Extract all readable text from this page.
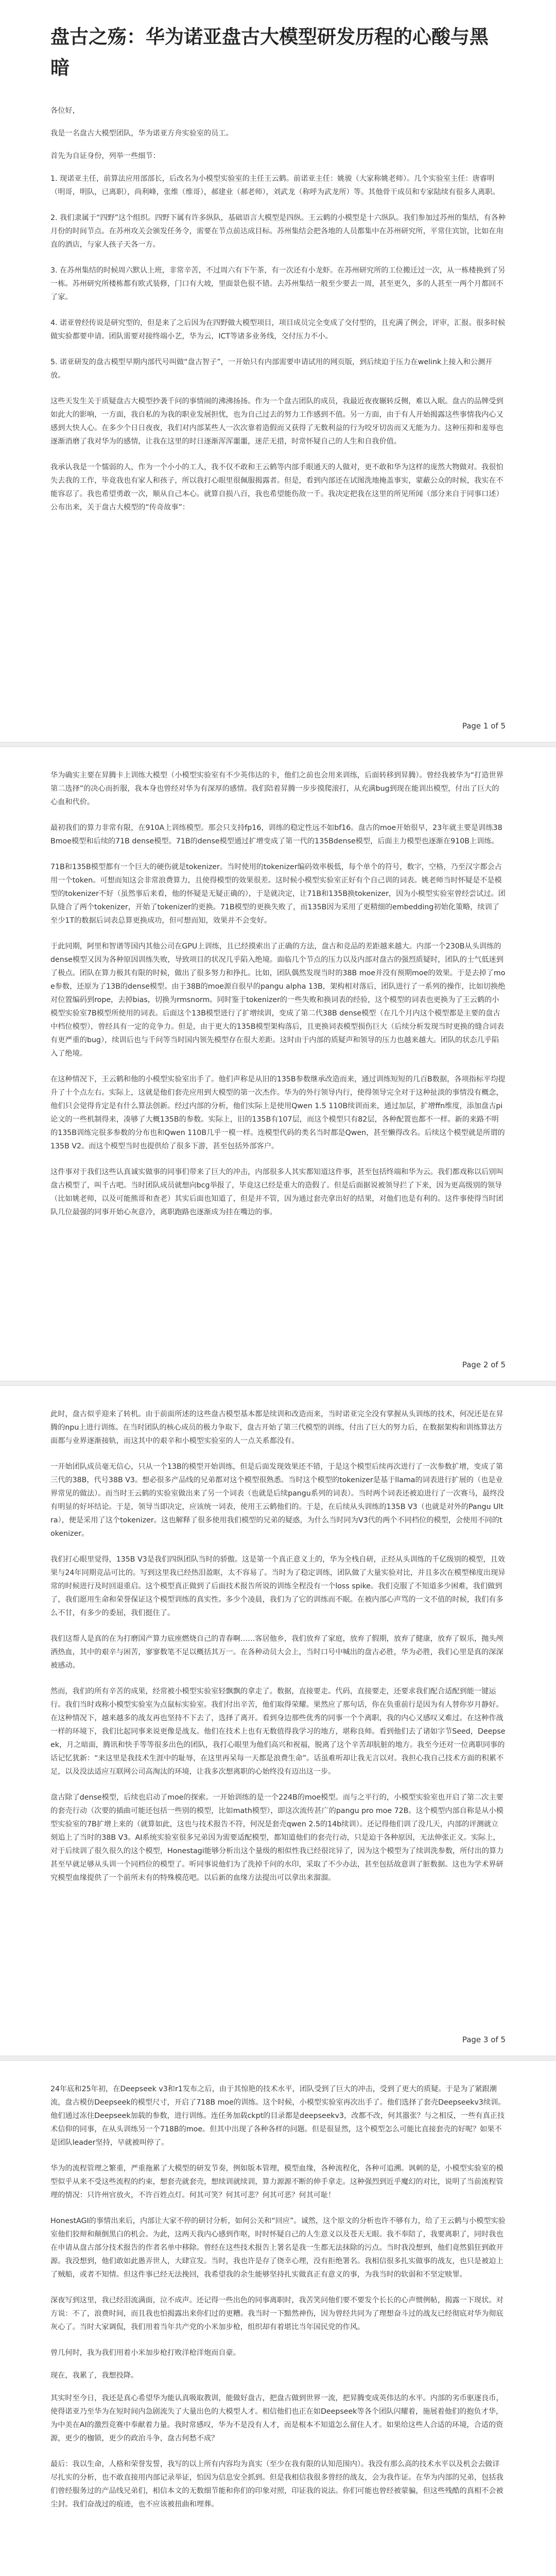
盘古之殇：华为诺亚盘古大模型研发历程的心酸与黑暗

各位好，

我是一名盘古大模型团队，华为诺亚方舟实验室的员工。

首先为自证身份，列举一些细节：

1. 现诺亚主任，前算法应用部部长，后改名为小模型实验室的主任王云鹤。前诺亚主任：姚骏（大家称姚老师）。几个实验室主任：唐睿明（明哥，明队，已离职），尚利峰，张维（维哥），郝建业（郝老师），刘武龙（称呼为武龙所）等。其他骨干成员和专家陆续有很多人离职。

2. 我们隶属于“四野”这个组织。四野下属有许多纵队，基础语言大模型是四纵。王云鹤的小模型是十六纵队。我们参加过苏州的集结，有各种月份的时间节点。在苏州攻关会颁发任务令，需要在节点前达成目标。苏州集结会把各地的人员都集中在苏州研究所，平常住宾馆，比如在甪直的酒店，与家人孩子天各一方。

3. 在苏州集结的时候周六默认上班，非常辛苦，不过周六有下午茶，有一次还有小龙虾。在苏州研究所的工位搬迁过一次，从一栋楼换到了另一栋。苏州研究所楼栋都有欧式装修，门口有大坡，里面景色很不错。去苏州集结一般至少要去一周，甚至更久，多的人甚至一两个月都回不了家。

4. 诺亚曾经传说是研究型的，但是来了之后因为在四野做大模型项目，项目成员完全变成了交付型的，且充满了例会，评审，汇报。很多时候做实验都要申请。团队需要对接终端小艺，华为云，ICT等诸多业务线，交付压力不小。

5. 诺亚研发的盘古模型早期内部代号叫做“盘古智子”，一开始只有内部需要申请试用的网页版，到后续迫于压力在welink上接入和公测开放。

这些天发生关于质疑盘古大模型抄袭千问的事情闹的沸沸扬扬。作为一个盘古团队的成员，我最近夜夜辗转反侧，难以入眠。盘古的品牌受到如此大的影响，一方面，我自私的为我的职业发展担忧，也为自己过去的努力工作感到不值。另一方面，由于有人开始揭露这些事情我内心又感到大快人心。在多少个日日夜夜，我们对内部某些人一次次靠着造假而又获得了无数利益的行为咬牙切齿而又无能为力。这种压抑和羞辱也逐渐消磨了我对华为的感情，让我在这里的时日逐渐浑浑噩噩，迷茫无措，时常怀疑自己的人生和自我价值。

我承认我是一个懦弱的人，作为一个小小的工人，我不仅不敢和王云鹤等内部手眼通天的人做对，更不敢和华为这样的庞然大物做对。我很怕失去我的工作，毕竟我也有家人和孩子，所以我打心眼里很佩服揭露者。但是，看到内部还在试图洗地掩盖事实，蒙蔽公众的时候，我实在不能容忍了。我也希望勇敢一次，顺从自己本心。就算自损八百，我也希望能伤敌一千。我决定把我在这里的所见所闻（部分来自于同事口述）公布出来，关于盘古大模型的“传奇故事”：

Page 1 of 5

华为确实主要在昇腾卡上训练大模型（小模型实验室有不少英伟达的卡，他们之前也会用来训练，后面转移到昇腾）。曾经我被华为“打造世界第二选择”的决心而折服，我本身也曾经对华为有深厚的感情。我们陪着昇腾一步步摸爬滚打，从充满bug到现在能训出模型，付出了巨大的心血和代价。

最初我们的算力非常有限，在910A上训练模型。那会只支持fp16，训练的稳定性远不如bf16。盘古的moe开始很早，23年就主要是训练38Bmoe模型和后续的71B dense模型。71B的dense模型通过扩增变成了第一代的135Bdense模型，后面主力模型也逐渐在910B上训练。

71B和135B模型都有一个巨大的硬伤就是tokenizer。当时使用的tokenizer编码效率极低，每个单个的符号，数字，空格，乃至汉字都会占用一个token。可想而知这会非常浪费算力，且使得模型的效果很差。这时候小模型实验室正好有个自己训的词表。姚老师当时怀疑是不是模型的tokenizer不好（虽然事后来看，他的怀疑是无疑正确的），于是就决定，让71B和135B换tokenizer，因为小模型实验室曾经尝试过。团队缝合了两个tokenizer，开始了tokenizer的更换。71B模型的更换失败了，而135B因为采用了更精细的embedding初始化策略，续训了至少1T的数据后词表总算更换成功，但可想而知，效果并不会变好。

于此同期，阿里和智谱等国内其他公司在GPU上训练，且已经摸索出了正确的方法，盘古和竞品的差距越来越大。内部一个230B从头训练的dense模型又因为各种原因训练失败，导致项目的状况几乎陷入绝境。面临几个节点的压力以及内部对盘古的强烈质疑时，团队的士气低迷到了极点。团队在算力极其有限的时候，做出了很多努力和挣扎。比如，团队偶然发现当时的38B moe并没有预期moe的效果。于是去掉了moe参数，还原为了13B的dense模型。由于38B的moe源自很早的pangu alpha 13B，架构相对落后，团队进行了一系列的操作，比如切换绝对位置编码到rope，去掉bias，切换为rmsnorm。同时鉴于tokenizer的一些失败和换词表的经验，这个模型的词表也更换为了王云鹤的小模型实验室7B模型所使用的词表。后面这个13B模型进行了扩增续训，变成了第二代38B dense模型（在几个月内这个模型都是主要的盘古中档位模型），曾经具有一定的竞争力。但是，由于更大的135B模型架构落后，且更换词表模型损伤巨大（后续分析发现当时更换的缝合词表有更严重的bug），续训后也与千问等当时国内领先模型存在很大差距。这时由于内部的质疑声和领导的压力也越来越大。团队的状态几乎陷入了绝境。

在这种情况下，王云鹤和他的小模型实验室出手了。他们声称是从旧的135B参数继承改造而来，通过训练短短的几百B数据，各项指标平均提升了十个点左右。实际上，这就是他们套壳应用到大模型的第一次杰作。华为的外行领导内行，使得领导完全对于这种扯淡的事情没有概念，他们只会觉得肯定是有什么算法创新。经过内部的分析，他们实际上是使用Qwen 1.5 110B续训而来，通过加层，扩增ffn维度，添加盘古pi论文的一些机制得来，凑够了大概135B的参数。实际上，旧的135B有107层，而这个模型只有82层，各种配置也都不一样。新的来路不明的135B训练完很多参数的分布也和Qwen 110B几乎一模一样。连模型代码的类名当时都是Qwen，甚至懒得改名。后续这个模型就是所谓的135B V2。而这个模型当时也提供给了很多下游，甚至包括外部客户。

这件事对于我们这些认真诚实做事的同事们带来了巨大的冲击，内部很多人其实都知道这件事，甚至包括终端和华为云。我们都戏称以后别叫盘古模型了，叫千古吧。当时团队成员就想向bcg举报了，毕竟这已经是重大的造假了。但是后面据说被领导拦了下来，因为更高级别的领导（比如姚老师，以及可能熊哥和查老）其实后面也知道了，但是并不管，因为通过套壳拿出好的结果，对他们也是有利的。这件事使得当时团队几位最强的同事开始心灰意冷，离职跑路也逐渐成为挂在嘴边的事。

Page 2 of 5

此时，盘古似乎迎来了转机。由于前面所述的这些盘古模型基本都是续训和改造而来，当时诺亚完全没有掌握从头训练的技术，何况还是在昇腾的npu上进行训练。在当时团队的核心成员的极力争取下，盘古开始了第三代模型的训练，付出了巨大的努力后，在数据架构和训练算法方面都与业界逐渐接轨，而这其中的艰辛和小模型实验室的人一点关系都没有。

一开始团队成员毫无信心，只从一个13B的模型开始训练，但是后面发现效果还不错，于是这个模型后续再次进行了一次参数扩增，变成了第三代的38B，代号38B V3。想必很多产品线的兄弟都对这个模型很熟悉。当时这个模型的tokenizer是基于llama的词表进行扩展的（也是业界常见的做法）。而当时王云鹤的实验室做出来了另一个词表（也就是后续pangu系列的词表）。当时两个词表还被迫进行了一次赛马，最终没有明显的好坏结论。于是，领导当即决定，应该统一词表，使用王云鹤他们的。于是，在后续从头训练的135B V3（也就是对外的Pangu Ultra），便是采用了这个tokenizer。这也解释了很多使用我们模型的兄弟的疑惑，为什么当时同为V3代的两个不同档位的模型，会使用不同的tokenizer。

我们打心眼里觉得，135B V3是我们四纵团队当时的骄傲。这是第一个真正意义上的，华为全栈自研，正经从头训练的千亿级别的模型，且效果与24年同期竞品可比的。写到这里我已经热泪盈眶，太不容易了。当时为了稳定训练，团队做了大量实验对比，并且多次在模型梯度出现异常的时候进行及时回退重启。这个模型真正做到了后面技术报告所说的训练全程没有一个loss spike。我们克服了不知道多少困难，我们做到了，我们愿用生命和荣誉保证这个模型训练的真实性。多少个凌晨，我们为了它的训练而不眠。在被内部心声骂的一文不值的时候，我们有多么不甘，有多少的委屈，我们挺住了。

我们这帮人是真的在为打磨国产算力底座燃烧自己的青春啊……客居他乡，我们放弃了家庭，放弃了假期，放弃了健康，放弃了娱乐，抛头颅洒热血，其中的艰辛与困苦，寥寥数笔不足以概括其万一。在各种动员大会上，当时口号中喊出的盘古必胜，华为必胜，我们心里是真的深深被感动。

然而，我们的所有辛苦的成果，经常被小模型实验室轻飘飘的拿走了。数据，直接要走。代码，直接要走，还要求我们配合适配到能一键运行。我们当时戏称小模型实验室为点鼠标实验室。我们付出辛苦，他们取得荣耀。果然应了那句话，你在负重前行是因为有人替你岁月静好。在这种情况下，越来越多的战友再也坚持不下去了，选择了离开。看到身边那些优秀的同事一个个离职，我的内心又感叹又难过。在这种作战一样的环境下，我们比起同事来说更像是战友。他们在技术上也有无数值得我学习的地方，堪称良师。看到他们去了诸如字节Seed，Deepseek，月之暗面，腾讯和快手等等很多出色的团队，我打心眼里为他们高兴和祝福，脱离了这个辛苦却肮脏的地方。我至今还对一位离职同事的话记忆犹新：“来这里是我技术生涯中的耻辱，在这里再呆每一天都是浪费生命”。话虽难听却让我无言以对。我担心我自己技术方面的积累不足，以及没法适应互联网公司高淘汰的环境，让我多次想离职的心始终没有迈出这一步。

盘古除了dense模型，后续也启动了moe的探索。一开始训练的是一个224B的moe模型。而与之平行的，小模型实验室也开启了第二次主要的套壳行动（次要的插曲可能还包括一些别的模型，比如math模型），即这次流传甚广的pangu pro moe 72B。这个模型内部自称是从小模型实验室的7B扩增上来的（就算如此，这也与技术报告不符，何况是套壳qwen 2.5的14b续训）。还记得他们训了没几天，内部的评测就立刻追上了当时的38B V3。AI系统实验室很多兄弟因为需要适配模型，都知道他们的套壳行动，只是迫于各种原因，无法伸张正义。实际上，对于后续训了很久很久的这个模型，Honestagi能够分析出这个量级的相似性我已经很诧异了，因为这个模型为了续训洗参数，所付出的算力甚至早就足够从头训一个同档位的模型了。听同事说他们为了洗掉千问的水印，采取了不少办法，甚至包括故意训了脏数据。这也为学术界研究模型血缘提供了一个前所未有的特殊模范吧。以后新的血缘方法提出可以拿出来溜溜。

Page 3 of 5

24年底和25年初，在Deepseek v3和r1发布之后，由于其惊艳的技术水平，团队受到了巨大的冲击，受到了更大的质疑。于是为了紧跟潮流，盘古模仿Deepseek的模型尺寸，开启了718B moe的训练。这个时候，小模型实验室再次出手了。他们选择了套壳Deepseekv3续训。他们通过冻住Deepseek加载的参数，进行训练。连任务加载ckpt的目录都是deepseekv3，改都不改，何其嚣张？与之相反，一些有真正技术信仰的同事，在从头训练另一个718B的moe。但其中出现了各种各样的问题。但是很显然，这个模型怎么可能比直接套壳的好呢？如果不是团队leader坚持，早就被叫停了。

华为的流程管理之繁重，严重拖累了大模型的研发节奏，例如版本管理，模型血缘，各种流程化，各种可追溯。讽刺的是，小模型实验室的模型似乎从来不受这些流程的约束，想套壳就套壳，想续训就续训，算力源源不断的伸手拿走。这种强烈到近乎魔幻的对比，说明了当前流程管理的情况：只许州官放火，不许百姓点灯。何其可笑？何其可悲？何其可恶？何其可耻！

HonestAGI的事情出来后，内部让大家不停的研讨分析，如何公关和“回应”。诚然，这个原文的分析也许不够有力，给了王云鹤与小模型实验室他们狡辩和颠倒黑白的机会。为此，这两天我内心感到作呕，时时怀疑自己的人生意义以及苍天无眼。我不奉陪了，我要离职了，同时我也在申请从盘古部分技术报告的作者名单中移除。曾经在这些技术报告上署名是我一生都无法抹除的污点。当时我没想到，他们竟然猖狂到敢开源。我没想到，他们敢如此愚弄世人，大肆宣发。当时，我也许是存了侥幸心理，没有拒绝署名。我相信很多扎实做事的战友，也只是被迫上了贼船，或者不知情。但这件事已经无法挽回，我希望我的余生能够坚持扎实做真正有意义的事，为我当时的软弱和不坚定赎罪。

深夜写到这里，我已经泪流满面，泣不成声。还记得一些出色的同事离职时，我苦笑问他们要不要发个长长的心声惯例帖，揭露一下现状。对方说：不了，浪费时间，而且我也怕揭露出来你们过的更糟。我当时一下黯然神伤，因为曾经共同为了理想奋斗过的战友已经彻底对华为彻底灰心了。当时大家调侃，我们用着当年共产党的小米加步枪，组织却有着堪比当年国民党的作风。

曾几何时，我为我们用着小米加步枪打败洋枪洋炮而自豪。

现在，我累了，我想投降。

其实时至今日，我还是真心希望华为能认真吸取教训，能做好盘古，把盘古做到世界一流，把昇腾变成英伟达的水平。内部的劣币驱逐良币，使得诺亚乃至华为在短时间内急剧流失了大量出色的大模型人才。相信他们也正在如Deepseek等各个团队闪耀着，施展着他们的抱负才华，为中美在AI的激烈竞赛中奉献着力量。我时常感叹，华为不是没有人才，而是根本不知道怎么留住人才。如果给这些人合适的环境，合适的资源，更少的枷锁，更少的政治斗争，盘古何愁不成？

最后：我以生命，人格和荣誉发誓，我写的以上所有内容均为真实（至少在我有限的认知范围内）。我没有那么高的技术水平以及机会去做详尽扎实的分析，也不敢直接用内部记录举证，怕因为信息安全抓到。但是我相信我很多曾经的战友，会为我作证。在华为内部的兄弟，包括我们曾经服务过的产品线兄弟们，相信本文的无数细节能和你们的印象对照，印证我的说法。你们可能也曾经被蒙骗，但这些残酷的真相不会被尘封。我们奋战过的痕迹，也不应该被扭曲和埋葬。
